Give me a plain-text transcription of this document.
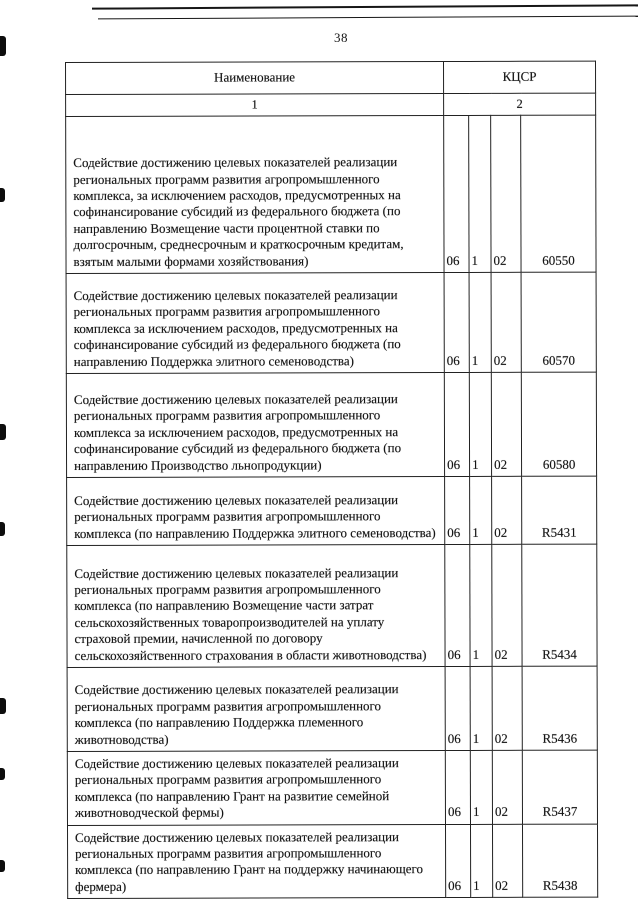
38
Наименование	КЦСР			
1	2			
Содействие достижению целевых показателей реализации региональных программ развития агропромышленного комплекса, за исключением расходов, предусмотренных на софинансирование субсидий из федерального бюджета (по направлению Возмещение части процентной ставки по долгосрочным, среднесрочным и краткосрочным кредитам, взятым малыми формами хозяйствования)	06	1	02	60550
Содействие достижению целевых показателей реализации региональных программ развития агропромышленного комплекса за исключением расходов, предусмотренных на софинансирование субсидий из федерального бюджета (по направлению Поддержка элитного семеноводства)	06	1	02	60570
Содействие достижению целевых показателей реализации региональных программ развития агропромышленного комплекса за исключением расходов, предусмотренных на софинансирование субсидий из федерального бюджета (по направлению Производство льнопродукции)	06	1	02	60580
Содействие достижению целевых показателей реализации региональных программ развития агропромышленного комплекса (по направлению Поддержка элитного семеноводства)	06	1	02	R5431
Содействие достижению целевых показателей реализации региональных программ развития агропромышленного комплекса (по направлению Возмещение части затрат сельскохозяйственных товаропроизводителей на уплату страховой премии, начисленной по договору сельскохозяйственного страхования в области животноводства)	06	1	02	R5434
Содействие достижению целевых показателей реализации региональных программ развития агропромышленного комплекса (по направлению Поддержка племенного животноводства)	06	1	02	R5436
Содействие достижению целевых показателей реализации региональных программ развития агропромышленного комплекса (по направлению Грант на развитие семейной животноводческой фермы)	06	1	02	R5437
Содействие достижению целевых показателей реализации региональных программ развития агропромышленного комплекса (по направлению Грант на поддержку начинающего фермера)	06	1	02	R5438
